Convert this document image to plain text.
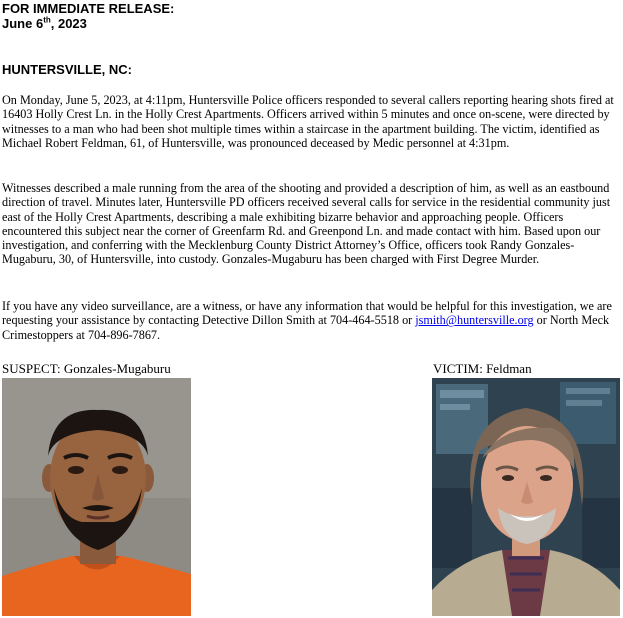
FOR IMMEDIATE RELEASE:
June 6th, 2023
HUNTERSVILLE, NC:
On Monday, June 5, 2023, at 4:11pm, Huntersville Police officers responded to several callers reporting hearing shots fired at 16403 Holly Crest Ln. in the Holly Crest Apartments. Officers arrived within 5 minutes and once on-scene, were directed by witnesses to a man who had been shot multiple times within a staircase in the apartment building. The victim, identified as Michael Robert Feldman, 61, of Huntersville, was pronounced deceased by Medic personnel at 4:31pm.
Witnesses described a male running from the area of the shooting and provided a description of him, as well as an eastbound direction of travel. Minutes later, Huntersville PD officers received several calls for service in the residential community just east of the Holly Crest Apartments, describing a male exhibiting bizarre behavior and approaching people. Officers encountered this subject near the corner of Greenfarm Rd. and Greenpond Ln. and made contact with him. Based upon our investigation, and conferring with the Mecklenburg County District Attorney’s Office, officers took Randy Gonzales-Mugaburu, 30, of Huntersville, into custody. Gonzales-Mugaburu has been charged with First Degree Murder.
If you have any video surveillance, are a witness, or have any information that would be helpful for this investigation, we are requesting your assistance by contacting Detective Dillon Smith at 704-464-5518 or jsmith@huntersville.org or North Meck Crimestoppers at 704-896-7867.
SUSPECT: Gonzales-Mugaburu	VICTIM: Feldman
